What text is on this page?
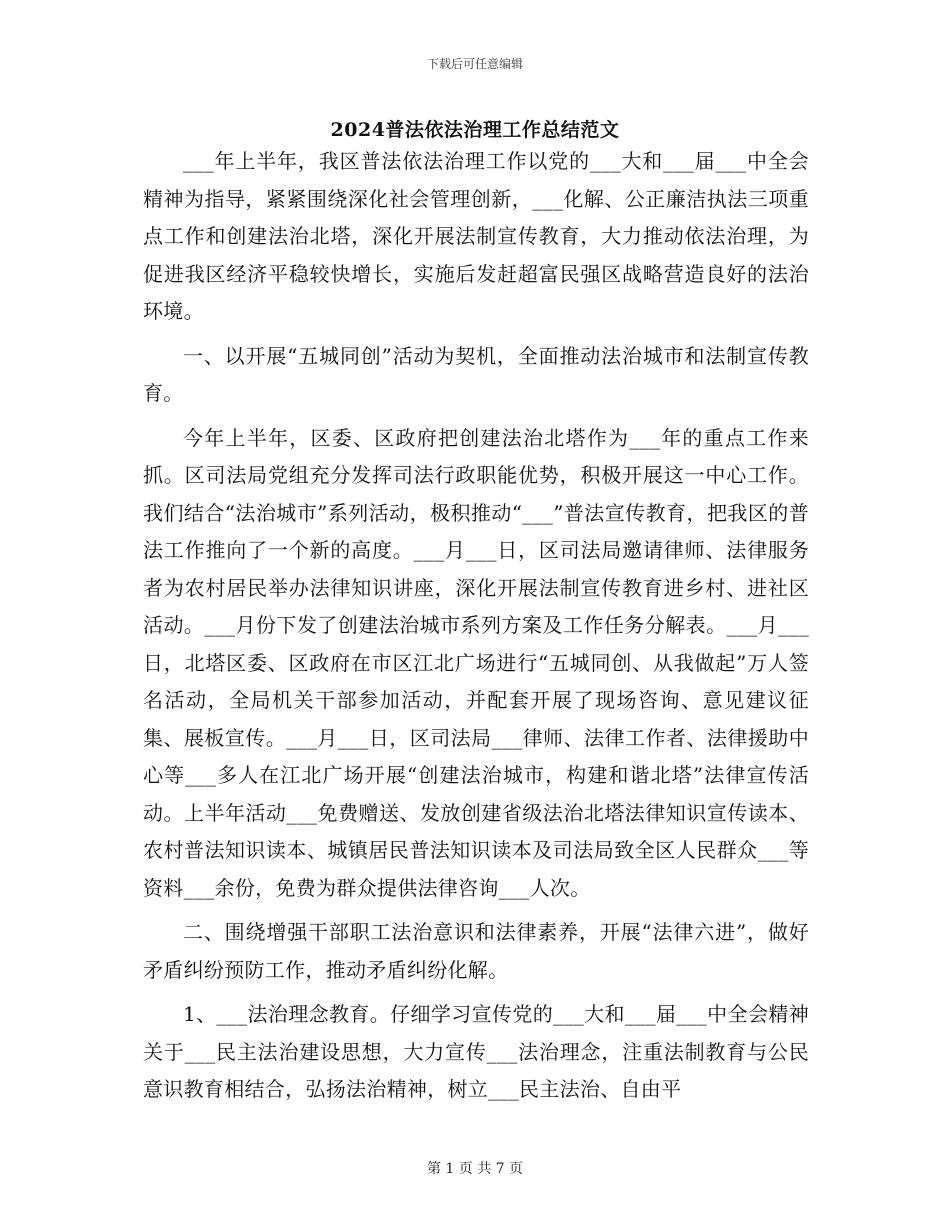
下载后可任意编辑
2024普法依法治理工作总结范文

___年上半年，我区普法依法治理工作以党的___大和___届___中全会精神为指导，紧紧围绕深化社会管理创新，___化解、公正廉洁执法三项重点工作和创建法治北塔，深化开展法制宣传教育，大力推动依法治理，为促进我区经济平稳较快增长，实施后发赶超富民强区战略营造良好的法治环境。

一、以开展“五城同创”活动为契机，全面推动法治城市和法制宣传教育。

今年上半年，区委、区政府把创建法治北塔作为___年的重点工作来抓。区司法局党组充分发挥司法行政职能优势，积极开展这一中心工作。我们结合“法治城市”系列活动，极积推动“___”普法宣传教育，把我区的普法工作推向了一个新的高度。___月___日，区司法局邀请律师、法律服务者为农村居民举办法律知识讲座，深化开展法制宣传教育进乡村、进社区活动。___月份下发了创建法治城市系列方案及工作任务分解表。___月___日，北塔区委、区政府在市区江北广场进行“五城同创、从我做起”万人签名活动，全局机关干部参加活动，并配套开展了现场咨询、意见建议征集、展板宣传。___月___日，区司法局___律师、法律工作者、法律援助中心等___多人在江北广场开展“创建法治城市，构建和谐北塔”法律宣传活动。上半年活动___免费赠送、发放创建省级法治北塔法律知识宣传读本、农村普法知识读本、城镇居民普法知识读本及司法局致全区人民群众___等资料___余份，免费为群众提供法律咨询___人次。

二、围绕增强干部职工法治意识和法律素养，开展“法律六进”，做好矛盾纠纷预防工作，推动矛盾纠纷化解。

1、___法治理念教育。仔细学习宣传党的___大和___届___中全会精神关于___民主法治建设思想，大力宣传___法治理念，注重法制教育与公民意识教育相结合，弘扬法治精神，树立___民主法治、自由平

第 1 页 共 7 页
